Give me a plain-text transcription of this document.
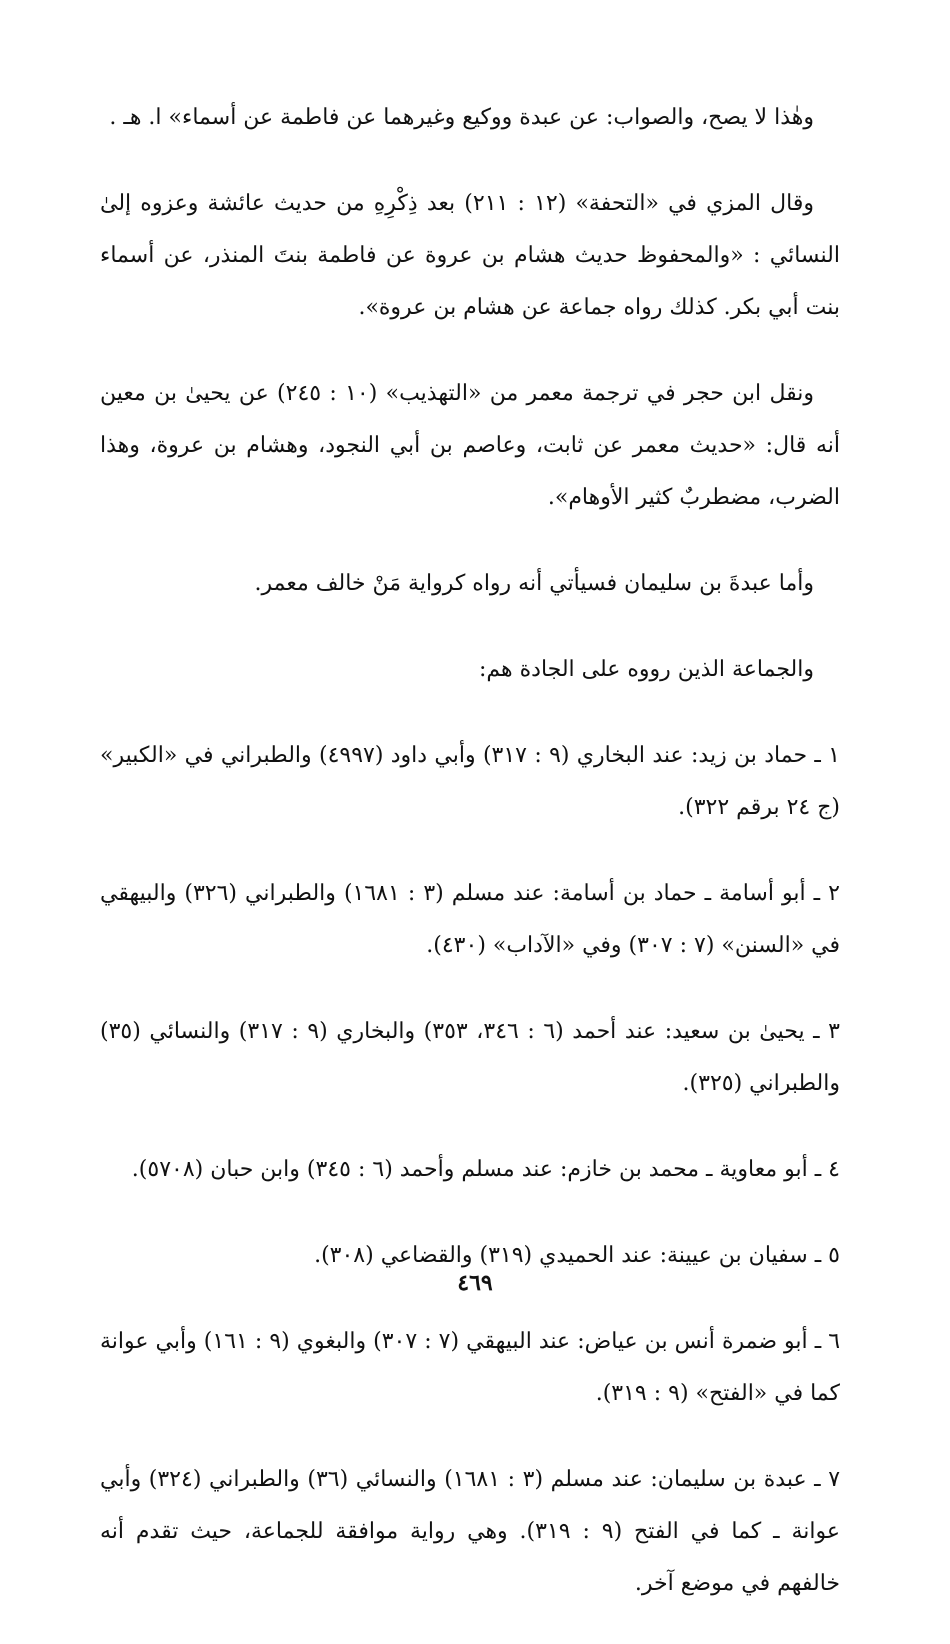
وهٰذا لا يصح، والصواب: عن عبدة ووكيع وغيرهما عن فاطمة عن أسماء» ا. هـ .

وقال المزي في «التحفة» (١٢ : ٢١١) بعد ذِكْرِهِ من حديث عائشة وعزوه إلىٰ النسائي : «والمحفوظ حديث هشام بن عروة عن فاطمة بنتَ المنذر، عن أسماء بنت أبي بكر. كذلك رواه جماعة عن هشام بن عروة».

ونقل ابن حجر في ترجمة معمر من «التهذيب» (١٠ : ٢٤٥) عن يحيىٰ بن معين أنه قال: «حديث معمر عن ثابت، وعاصم بن أبي النجود، وهشام بن عروة، وهذا الضرب، مضطربٌ كثير الأوهام».

وأما عبدةَ بن سليمان فسيأتي أنه رواه كرواية مَنْ خالف معمر.

والجماعة الذين رووه على الجادة هم:

١ ـ حماد بن زيد: عند البخاري (٩ : ٣١٧) وأبي داود (٤٩٩٧) والطبراني في «الكبير» (ج ٢٤ برقم ٣٢٢).

٢ ـ أبو أسامة ـ حماد بن أسامة: عند مسلم (٣ : ١٦٨١) والطبراني (٣٢٦) والبيهقي في «السنن» (٧ : ٣٠٧) وفي «الآداب» (٤٣٠).

٣ ـ يحيىٰ بن سعيد: عند أحمد (٦ : ٣٤٦، ٣٥٣) والبخاري (٩ : ٣١٧) والنسائي (٣٥) والطبراني (٣٢٥).

٤ ـ أبو معاوية ـ محمد بن خازم: عند مسلم وأحمد (٦ : ٣٤٥) وابن حبان (٥٧٠٨).

٥ ـ سفيان بن عيينة: عند الحميدي (٣١٩) والقضاعي (٣٠٨).

٦ ـ أبو ضمرة أنس بن عياض: عند البيهقي (٧ : ٣٠٧) والبغوي (٩ : ١٦١) وأبي عوانة كما في «الفتح» (٩ : ٣١٩).

٧ ـ عبدة بن سليمان: عند مسلم (٣ : ١٦٨١) والنسائي (٣٦) والطبراني (٣٢٤) وأبي عوانة ـ كما في الفتح (٩ : ٣١٩). وهي رواية موافقة للجماعة، حيث تقدم أنه خالفهم في موضع آخر.

٤٦٩
